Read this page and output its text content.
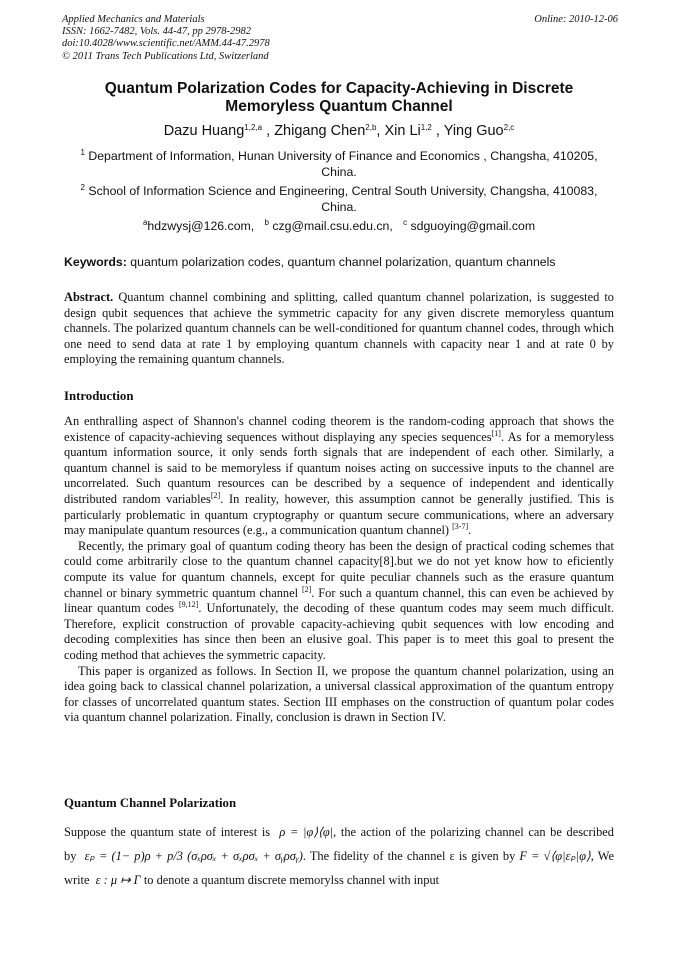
Applied Mechanics and Materials
ISSN: 1662-7482, Vols. 44-47, pp 2978-2982
doi:10.4028/www.scientific.net/AMM.44-47.2978
© 2011 Trans Tech Publications Ltd, Switzerland
Online: 2010-12-06
Quantum Polarization Codes for Capacity-Achieving in Discrete
Memoryless Quantum Channel
Dazu Huang$^{1,2,a}$ , Zhigang Chen$^{2,b}$, Xin Li$^{1,2}$ , Ying Guo$^{2,c}$
$^1$ Department of Information, Hunan University of Finance and Economics , Changsha, 410205,
China.
$^2$ School of Information Science and Engineering, Central South University, Changsha, 410083,
China.
$^a$hdzwysj@126.com, $^b$ czg@mail.csu.edu.cn, $^c$ sdguoying@gmail.com
Keywords: quantum polarization codes, quantum channel polarization, quantum channels

Abstract. Quantum channel combining and splitting, called quantum channel polarization, is suggested to design qubit sequences that achieve the symmetric capacity for any given discrete memoryless quantum channels. The polarized quantum channels can be well-conditioned for quantum channel codes, through which one need to send data at rate 1 by employing quantum channels with capacity near 1 and at rate 0 by employing the remaining quantum channels.

Introduction

An enthralling aspect of Shannon's channel coding theorem is the random-coding approach that shows the existence of capacity-achieving sequences without displaying any species sequences[1]. As for a memoryless quantum information source, it only sends forth signals that are independent of each other. Similarly, a quantum channel is said to be memoryless if quantum noises acting on successive inputs to the channel are uncorrelated. Such quantum resources can be described by a sequence of independent and identically distributed random variables[2]. In reality, however, this assumption cannot be generally justified. This is particularly problematic in quantum cryptography or quantum secure communications, where an adversary may manipulate quantum resources (e.g., a communication quantum channel) [3-7].

Recently, the primary goal of quantum coding theory has been the design of practical coding schemes that could come arbitrarily close to the quantum channel capacity[8].but we do not yet know how to eficiently compute its value for quantum channels, except for quite peculiar channels such as the erasure quantum channel or binary symmetric quantum channel [2]. For such a quantum channel, this can even be achieved by linear quantum codes [9,12]. Unfortunately, the decoding of these quantum codes may seem much difficult. Therefore, explicit construction of provable capacity-achieving qubit sequences with low encoding and decoding complexities has since then been an elusive goal. This paper is to meet this goal to present the coding method that achieves the symmetric capacity.

This paper is organized as follows. In Section II, we propose the quantum channel polarization, using an idea going back to classical channel polarization, a universal classical approximation of the quantum entropy for classes of uncorrelated quantum states. Section III emphases on the construction of quantum polar codes via quantum channel polarization. Finally, conclusion is drawn in Section IV.

Quantum Channel Polarization

Suppose the quantum state of interest is ρ = |φ⟩⟨φ|, the action of the polarizing channel can be described by εₚ = (1− p)ρ + p/3 (σₓρσₓ + σₓρσₓ + σᵧρσᵧ). The fidelity of the channel ε is given by F = √⟨φ|εₚ|φ⟩, We write ε : μ ↦ Γ to denote a quantum discrete memorylss channel with input
